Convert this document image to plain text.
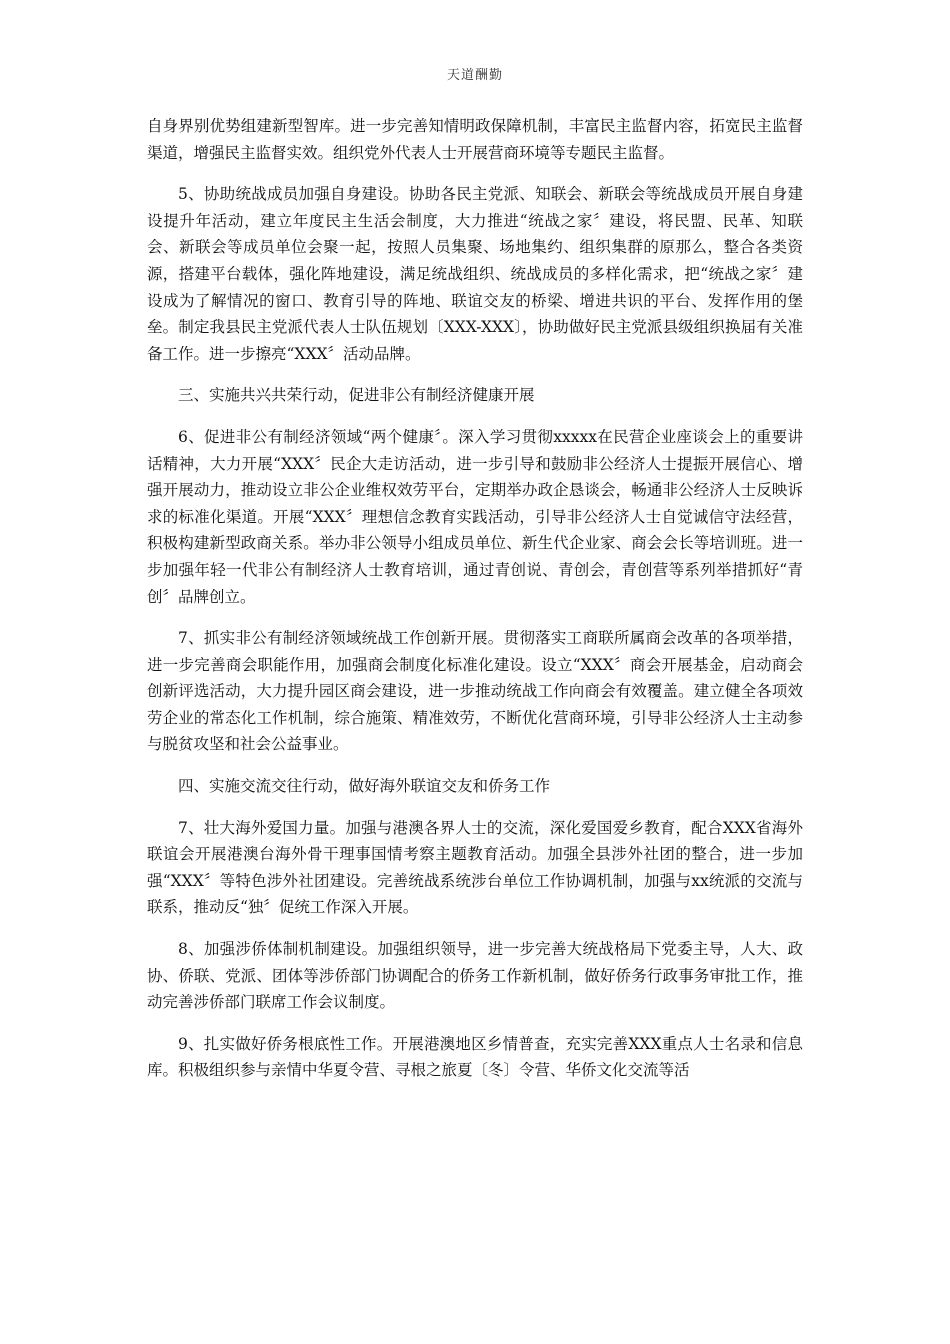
天道酬勤

自身界别优势组建新型智库。进一步完善知情明政保障机制，丰富民主监督内容，拓宽民主监督渠道，增强民主监督实效。组织党外代表人士开展营商环境等专题民主监督。

5、协助统战成员加强自身建设。协助各民主党派、知联会、新联会等统战成员开展自身建设提升年活动，建立年度民主生活会制度，大力推进“统战之家〞建设，将民盟、民革、知联会、新联会等成员单位会聚一起，按照人员集聚、场地集约、组织集群的原那么，整合各类资源，搭建平台载体，强化阵地建设，满足统战组织、统战成员的多样化需求，把“统战之家〞建设成为了解情况的窗口、教育引导的阵地、联谊交友的桥梁、增进共识的平台、发挥作用的堡垒。制定我县民主党派代表人士队伍规划〔XXX-XXX〕，协助做好民主党派县级组织换届有关准备工作。进一步擦亮“XXX〞活动品牌。

三、实施共兴共荣行动，促进非公有制经济健康开展

6、促进非公有制经济领域“两个健康〞。深入学习贯彻xxxxx在民营企业座谈会上的重要讲话精神，大力开展“XXX〞民企大走访活动，进一步引导和鼓励非公经济人士提振开展信心、增强开展动力，推动设立非公企业维权效劳平台，定期举办政企恳谈会，畅通非公经济人士反映诉求的标准化渠道。开展“XXX〞理想信念教育实践活动，引导非公经济人士自觉诚信守法经营，积极构建新型政商关系。举办非公领导小组成员单位、新生代企业家、商会会长等培训班。进一步加强年轻一代非公有制经济人士教育培训，通过青创说、青创会，青创营等系列举措抓好“青创〞品牌创立。

7、抓实非公有制经济领域统战工作创新开展。贯彻落实工商联所属商会改革的各项举措，进一步完善商会职能作用，加强商会制度化标准化建设。设立“XXX〞商会开展基金，启动商会创新评选活动，大力提升园区商会建设，进一步推动统战工作向商会有效覆盖。建立健全各项效劳企业的常态化工作机制，综合施策、精准效劳，不断优化营商环境，引导非公经济人士主动参与脱贫攻坚和社会公益事业。

四、实施交流交往行动，做好海外联谊交友和侨务工作

7、壮大海外爱国力量。加强与港澳各界人士的交流，深化爱国爱乡教育，配合XXX省海外联谊会开展港澳台海外骨干理事国情考察主题教育活动。加强全县涉外社团的整合，进一步加强“XXX〞等特色涉外社团建设。完善统战系统涉台单位工作协调机制，加强与xx统派的交流与联系，推动反“独〞促统工作深入开展。

8、加强涉侨体制机制建设。加强组织领导，进一步完善大统战格局下党委主导，人大、政协、侨联、党派、团体等涉侨部门协调配合的侨务工作新机制，做好侨务行政事务审批工作，推动完善涉侨部门联席工作会议制度。

9、扎实做好侨务根底性工作。开展港澳地区乡情普查，充实完善XXX重点人士名录和信息库。积极组织参与亲情中华夏令营、寻根之旅夏〔冬〕令营、华侨文化交流等活
